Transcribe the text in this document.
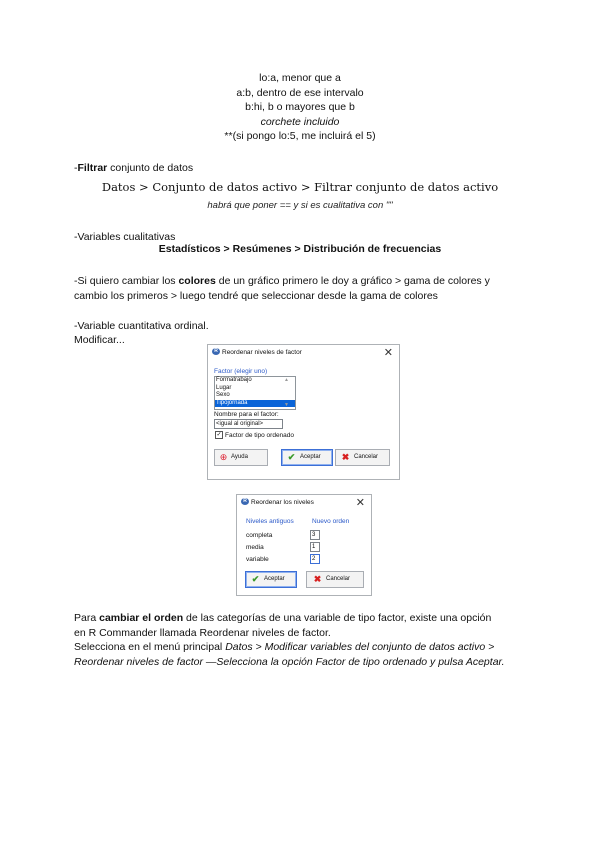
lo:a, menor que a
a:b, dentro de ese intervalo
b:hi, b o mayores que b
corchete incluido
**(si pongo lo:5, me incluirá el 5)
-Filtrar conjunto de datos
Datos > Conjunto de datos activo > Filtrar conjunto de datos activo
habrá que poner == y si es cualitativa con ""
-Variables cualitativas
Estadísticos > Resúmenes > Distribución de frecuencias
-Si quiero cambiar los colores de un gráfico primero le doy a gráfico > gama de colores y
cambio los primeros > luego tendré que seleccionar desde la gama de colores
-Variable cuantitativa ordinal.
Modificar...
R Reordenar niveles de factor	✕
Factor (elegir uno)
Formatrabajo
Lugar
Sexo
Tipojornada
▲
▼
Nombre para el factor:
<igual al original>
✓ Factor de tipo ordenado
⊕ Ayuda	✔ Aceptar ✖ Cancelar
R Reordenar los niveles	✕
Niveles antiguos	Nuevo orden
completa	3
media	1
variable	2
✔ Aceptar	✖ Cancelar
Para cambiar el orden de las categorías de una variable de tipo factor, existe una opción
en R Commander llamada Reordenar niveles de factor.
Selecciona en el menú principal Datos > Modificar variables del conjunto de datos activo >
Reordenar niveles de factor —Selecciona la opción Factor de tipo ordenado y pulsa Aceptar.
